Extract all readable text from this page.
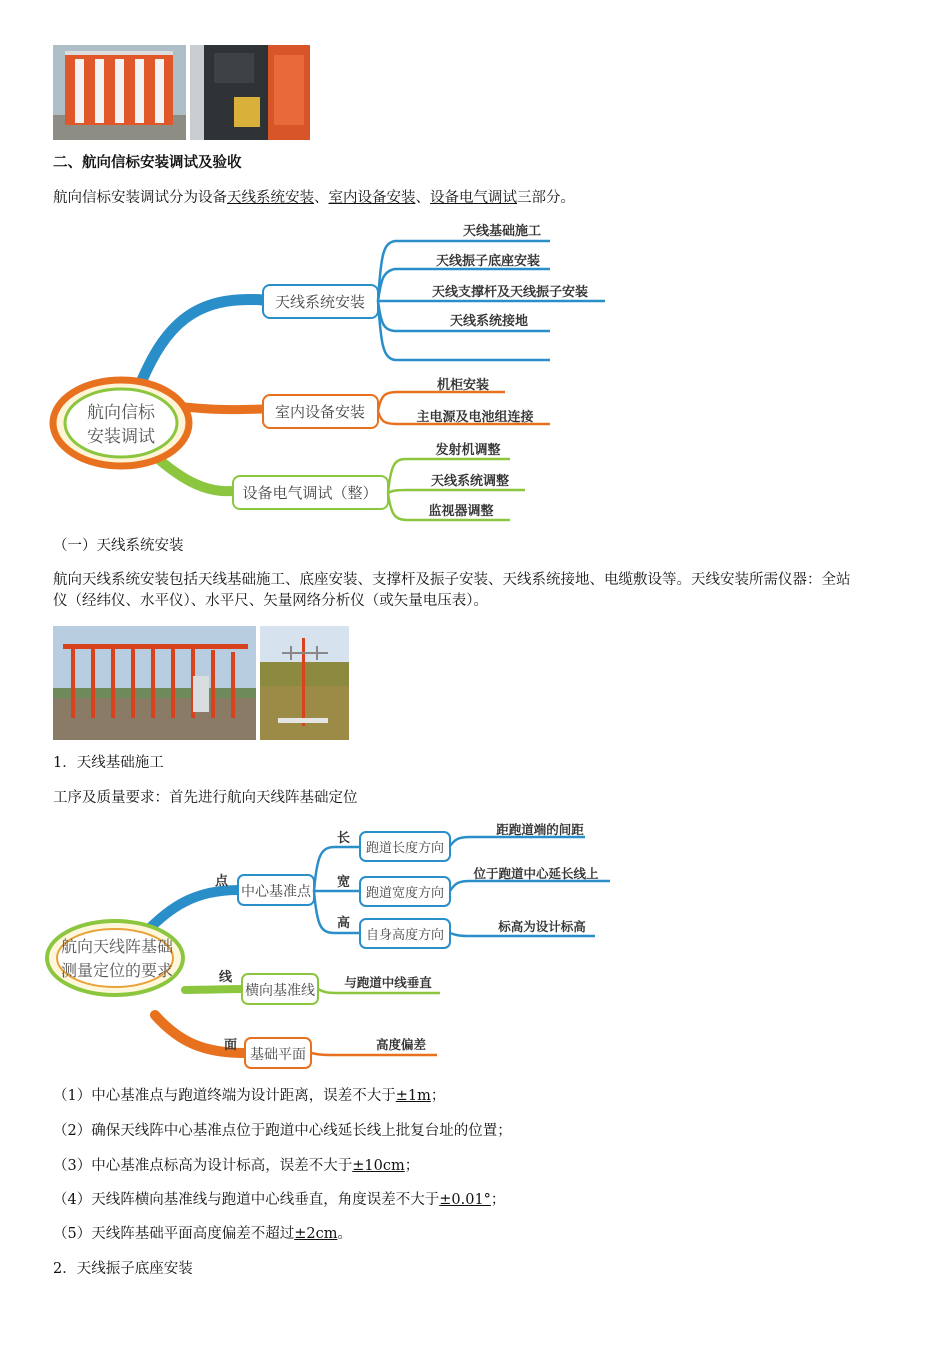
二、航向信标安装调试及验收
航向信标安装调试分为设备天线系统安装、室内设备安装、设备电气调试三部分。
航向信标
安装调试
天线系统安装
天线基础施工
天线振子底座安装
天线支撑杆及天线振子安装
天线系统接地
室内设备安装
机柜安装
主电源及电池组连接
设备电气调试（整）
发射机调整
天线系统调整
监视器调整
（一）天线系统安装
航向天线系统安装包括天线基础施工、底座安装、支撑杆及振子安装、天线系统接地、电缆敷设等。天线安装所需仪器：全站
仪（经纬仪、水平仪）、水平尺、矢量网络分析仪（或矢量电压表）。
1．天线基础施工
工序及质量要求：首先进行航向天线阵基础定位
航向天线阵基础
测量定位的要求
点
线
面
中心基准点
长
宽
高
跑道长度方向
跑道宽度方向
自身高度方向
距跑道端的间距
位于跑道中心延长线上
标高为设计标高
横向基准线
与跑道中线垂直
基础平面
高度偏差
（1）中心基准点与跑道终端为设计距离，误差不大于±1m；
（2）确保天线阵中心基准点位于跑道中心线延长线上批复台址的位置；
（3）中心基准点标高为设计标高，误差不大于±10cm；
（4）天线阵横向基准线与跑道中心线垂直，角度误差不大于±0.01°；
（5）天线阵基础平面高度偏差不超过±2cm。
2．天线振子底座安装
